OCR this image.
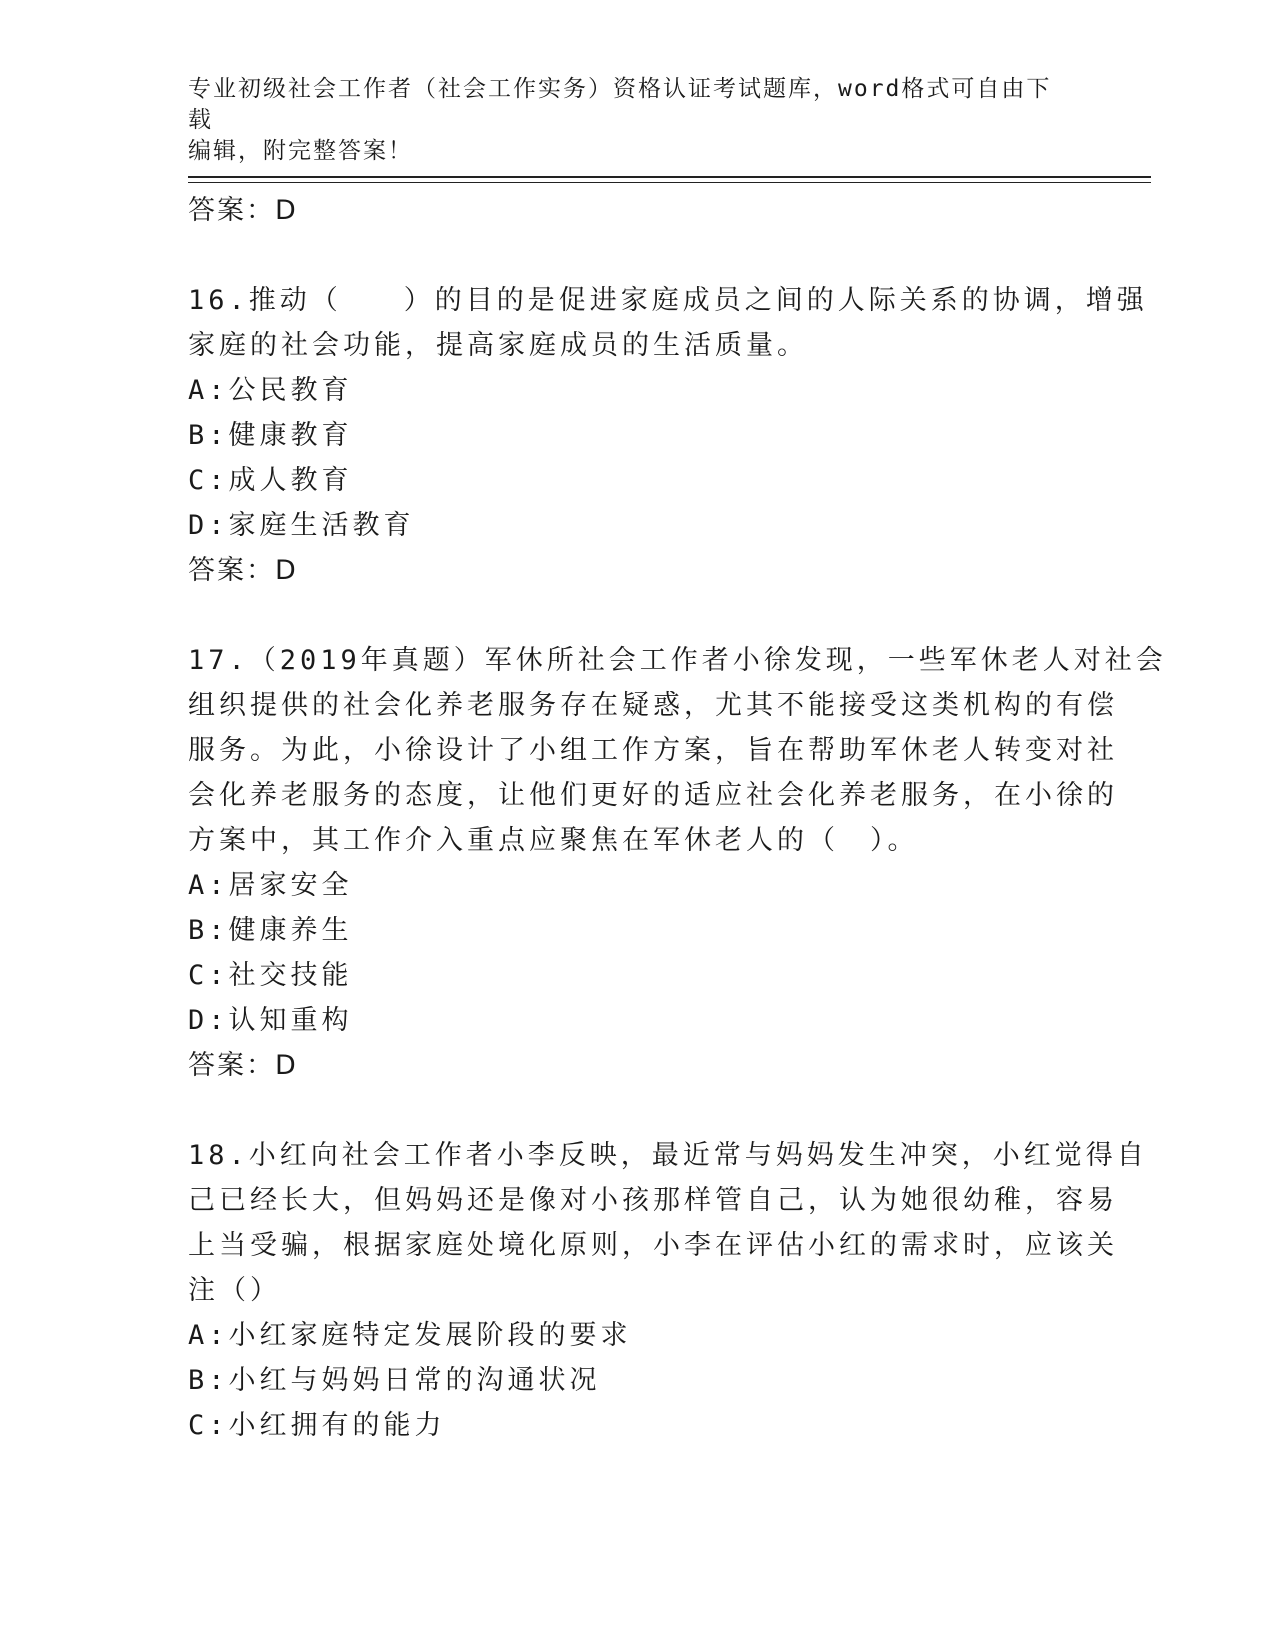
专业初级社会工作者（社会工作实务）资格认证考试题库，word格式可自由下载
编辑，附完整答案！
答案：D
16.推动（　　）的目的是促进家庭成员之间的人际关系的协调，增强
家庭的社会功能，提高家庭成员的生活质量。
A:公民教育
B:健康教育
C:成人教育
D:家庭生活教育
答案：D
17.（2019年真题）军休所社会工作者小徐发现，一些军休老人对社会
组织提供的社会化养老服务存在疑惑，尤其不能接受这类机构的有偿
服务。为此，小徐设计了小组工作方案，旨在帮助军休老人转变对社
会化养老服务的态度，让他们更好的适应社会化养老服务，在小徐的
方案中，其工作介入重点应聚焦在军休老人的（　）。
A:居家安全
B:健康养生
C:社交技能
D:认知重构
答案：D
18.小红向社会工作者小李反映，最近常与妈妈发生冲突，小红觉得自
己已经长大，但妈妈还是像对小孩那样管自己，认为她很幼稚，容易
上当受骗，根据家庭处境化原则，小李在评估小红的需求时，应该关
注（）
A:小红家庭特定发展阶段的要求
B:小红与妈妈日常的沟通状况
C:小红拥有的能力
